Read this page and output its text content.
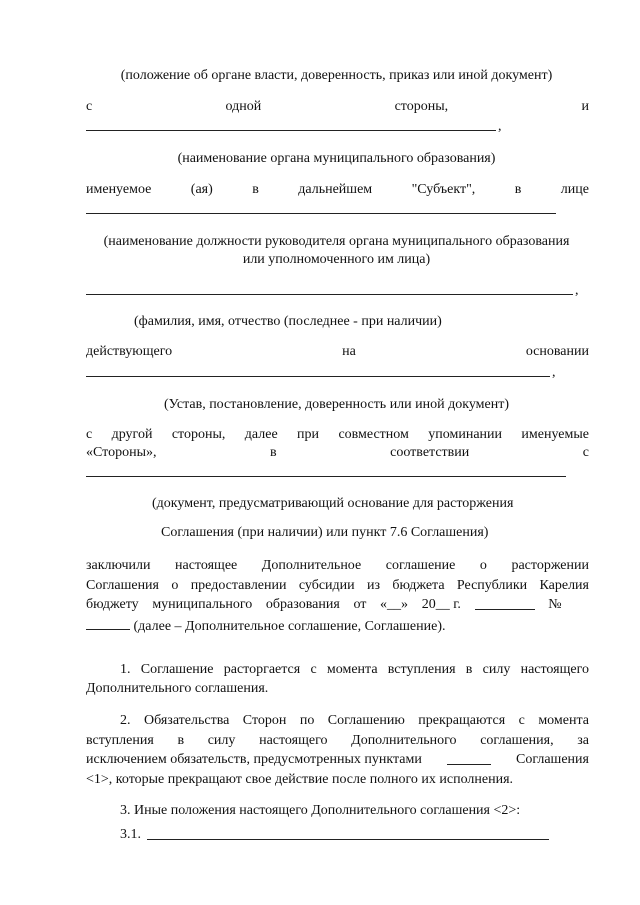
(положение об органе власти, доверенность, приказ или иной документ)
с	одной	стороны,	и
,
(наименование органа муниципального образования)
именуемое	(ая)	в	дальнейшем	"Субъект",	в	лице
(наименование должности руководителя органа муниципального образования
или уполномоченного им лица)
,
(фамилия, имя, отчество (последнее - при наличии)
действующего	на	основании
,
(Устав, постановление, доверенность или иной документ)
с другой стороны, далее при совместном упоминании именуемые
«Стороны»,	в	соответствии	с
(документ, предусматривающий основание для расторжения
Соглашения (при наличии) или пункт 7.6 Соглашения)
заключили настоящее Дополнительное соглашение о расторжении
Соглашения о предоставлении субсидии из бюджета Республики Карелия
бюджету муниципального образования от «__» 20__ г.	№
(далее – Дополнительное соглашение, Соглашение).
1. Соглашение расторгается с момента вступления в силу настоящего
Дополнительного соглашения.
2. Обязательства Сторон по Соглашению прекращаются с момента
вступления в силу настоящего Дополнительного соглашения, за
исключением обязательств, предусмотренных пунктами	Соглашения
<1>, которые прекращают свое действие после полного их исполнения.
3. Иные положения настоящего Дополнительного соглашения <2>:
3.1.
